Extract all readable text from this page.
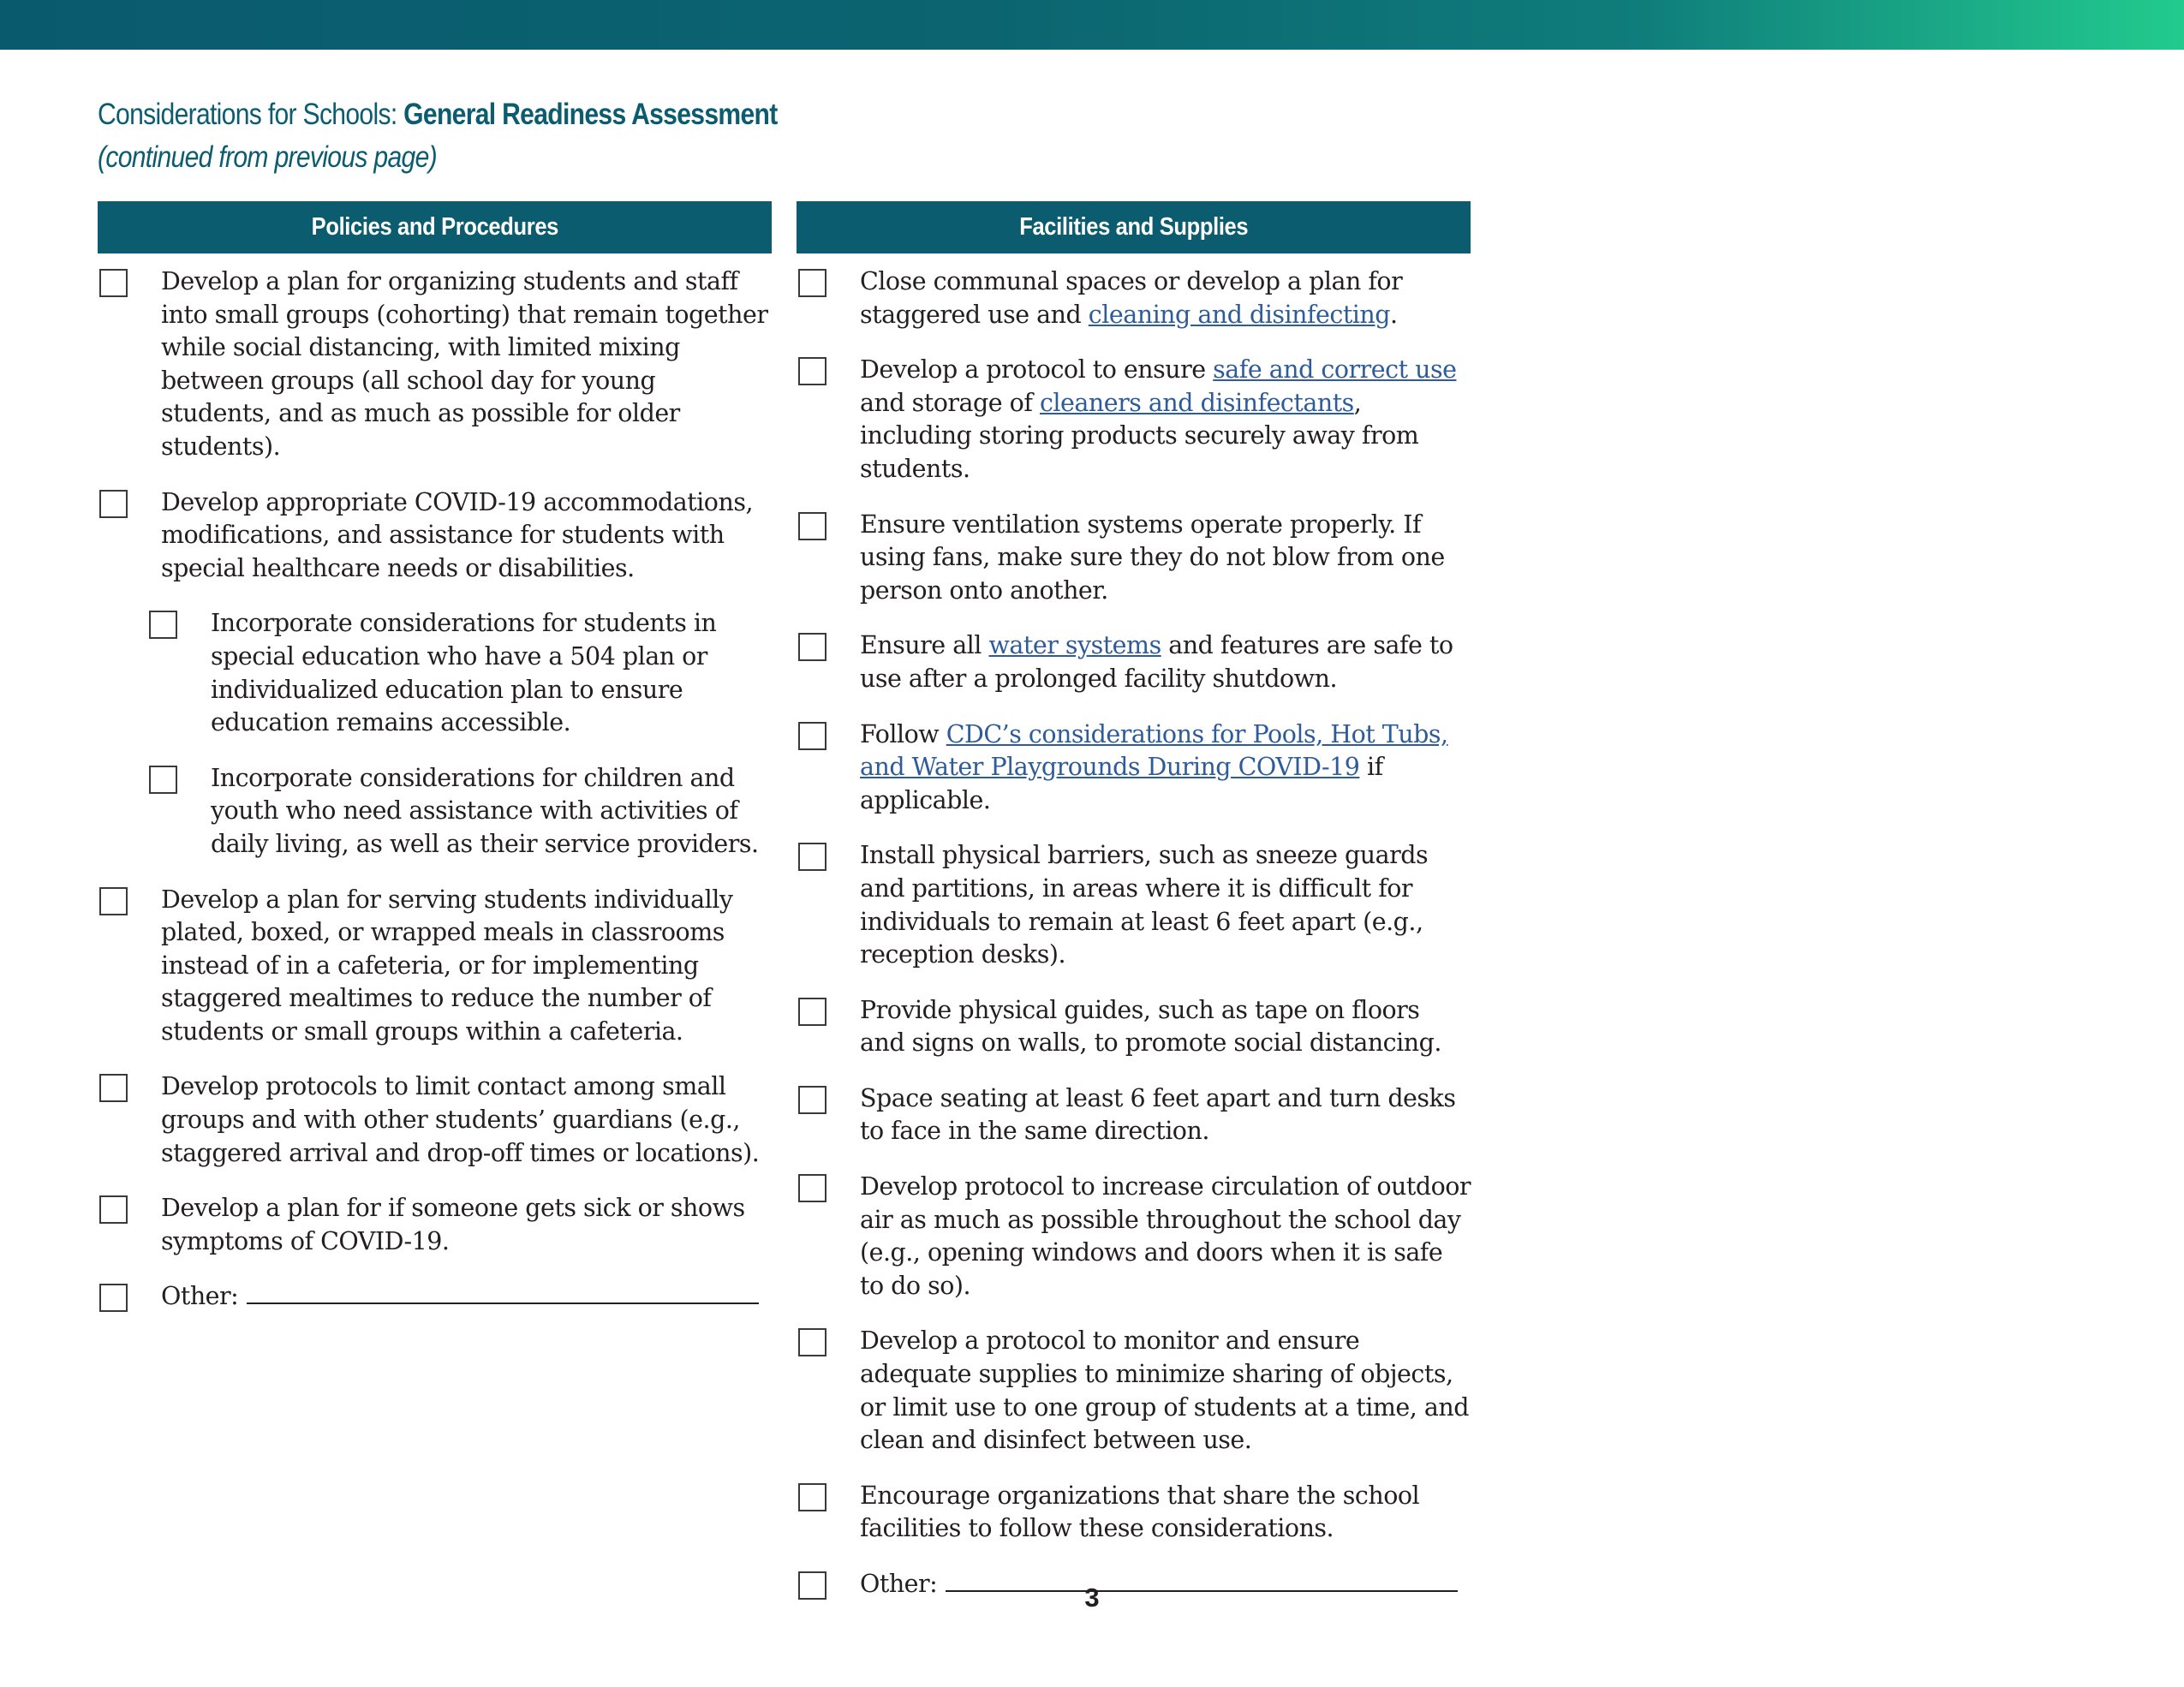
Considerations for Schools: General Readiness Assessment
(continued from previous page)
Policies and Procedures
Develop a plan for organizing students and staff into small groups (cohorting) that remain together while social distancing, with limited mixing between groups (all school day for young students, and as much as possible for older students).
Develop appropriate COVID-19 accommodations, modifications, and assistance for students with special healthcare needs or disabilities.
Incorporate considerations for students in special education who have a 504 plan or individualized education plan to ensure education remains accessible.
Incorporate considerations for children and youth who need assistance with activities of daily living, as well as their service providers.
Develop a plan for serving students individually plated, boxed, or wrapped meals in classrooms instead of in a cafeteria, or for implementing staggered mealtimes to reduce the number of students or small groups within a cafeteria.
Develop protocols to limit contact among small groups and with other students’ guardians (e.g., staggered arrival and drop-off times or locations).
Develop a plan for if someone gets sick or shows symptoms of COVID-19.
Other:
Facilities and Supplies
Close communal spaces or develop a plan for staggered use and cleaning and disinfecting.
Develop a protocol to ensure safe and correct use and storage of cleaners and disinfectants, including storing products securely away from students.
Ensure ventilation systems operate properly. If using fans, make sure they do not blow from one person onto another.
Ensure all water systems and features are safe to use after a prolonged facility shutdown.
Follow CDC’s considerations for Pools, Hot Tubs, and Water Playgrounds During COVID-19 if applicable.
Install physical barriers, such as sneeze guards and partitions, in areas where it is difficult for individuals to remain at least 6 feet apart (e.g., reception desks).
Provide physical guides, such as tape on floors and signs on walls, to promote social distancing.
Space seating at least 6 feet apart and turn desks to face in the same direction.
Develop protocol to increase circulation of outdoor air as much as possible throughout the school day (e.g., opening windows and doors when it is safe to do so).
Develop a protocol to monitor and ensure adequate supplies to minimize sharing of objects, or limit use to one group of students at a time, and clean and disinfect between use.
Encourage organizations that share the school facilities to follow these considerations.
Other:	3
